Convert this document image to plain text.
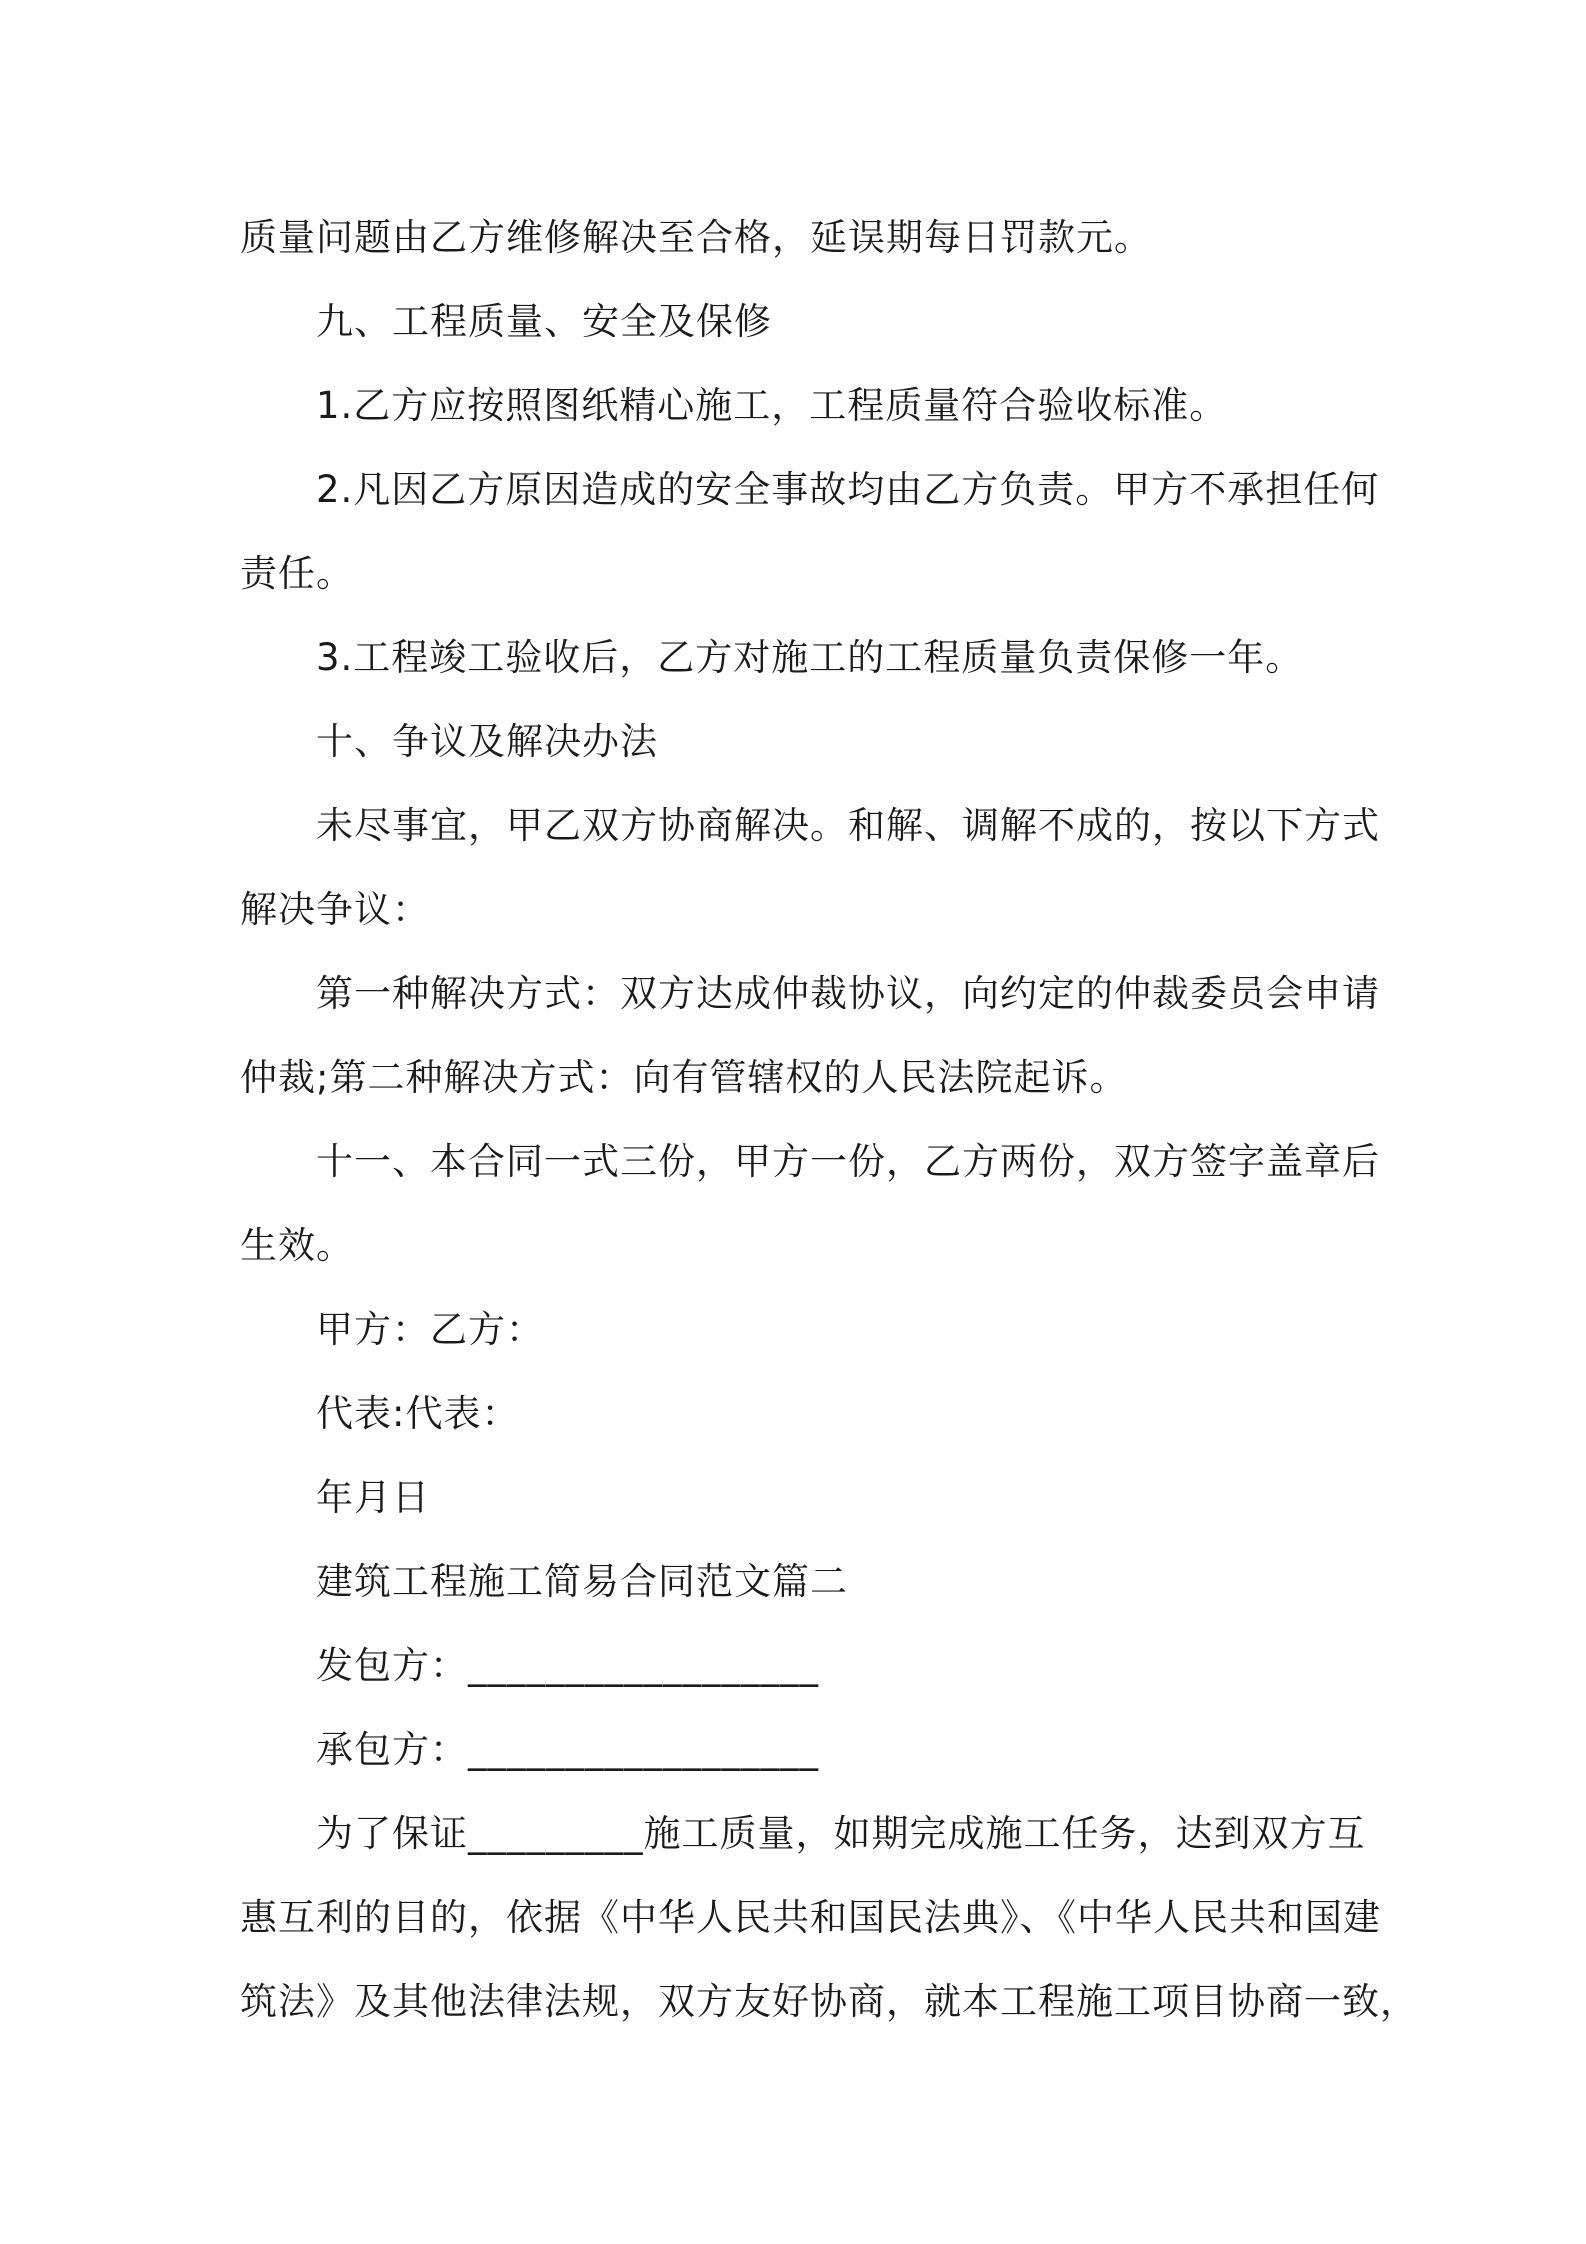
质量问题由乙方维修解决至合格，延误期每日罚款元。
九、工程质量、安全及保修
1.乙方应按照图纸精心施工，工程质量符合验收标准。
2.凡因乙方原因造成的安全事故均由乙方负责。甲方不承担任何
责任。
3.工程竣工验收后，乙方对施工的工程质量负责保修一年。
十、争议及解决办法
未尽事宜，甲乙双方协商解决。和解、调解不成的，按以下方式
解决争议：
第一种解决方式：双方达成仲裁协议，向约定的仲裁委员会申请
仲裁;第二种解决方式：向有管辖权的人民法院起诉。
十一、本合同一式三份，甲方一份，乙方两份，双方签字盖章后
生效。
甲方：乙方：
代表:代表：
年月日
建筑工程施工简易合同范文篇二
发包方：__________________
承包方：__________________
为了保证_________施工质量，如期完成施工任务，达到双方互
惠互利的目的，依据《中华人民共和国民法典》、《中华人民共和国建
筑法》及其他法律法规，双方友好协商，就本工程施工项目协商一致，
